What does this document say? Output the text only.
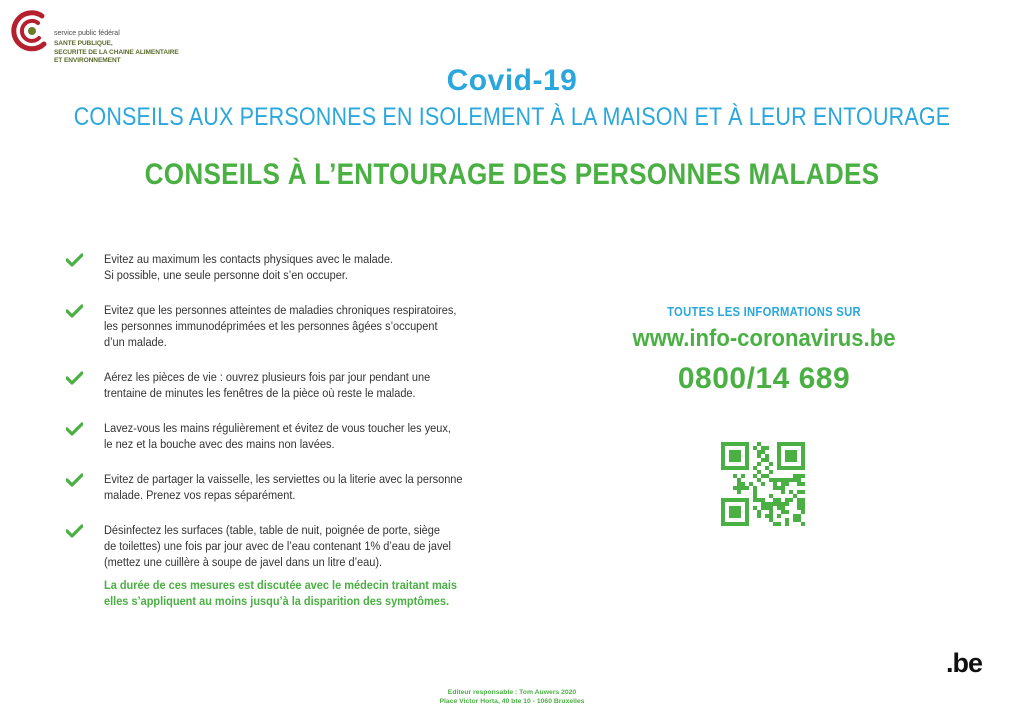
service public fédéral
SANTE PUBLIQUE,
SECURITE DE LA CHAINE ALIMENTAIRE
ET ENVIRONNEMENT
Covid-19
CONSEILS AUX PERSONNES EN ISOLEMENT À LA MAISON ET À LEUR ENTOURAGE
CONSEILS À L’ENTOURAGE DES PERSONNES MALADES
Evitez au maximum les contacts physiques avec le malade.
Si possible, une seule personne doit s’en occuper.
Evitez que les personnes atteintes de maladies chroniques respiratoires,
les personnes immunodéprimées et les personnes âgées s’occupent
d’un malade.
Aérez les pièces de vie : ouvrez plusieurs fois par jour pendant une
trentaine de minutes les fenêtres de la pièce où reste le malade.
Lavez-vous les mains régulièrement et évitez de vous toucher les yeux,
le nez et la bouche avec des mains non lavées.
Evitez de partager la vaisselle, les serviettes ou la literie avec la personne
malade. Prenez vos repas séparément.
Désinfectez les surfaces (table, table de nuit, poignée de porte, siège
de toilettes) une fois par jour avec de l’eau contenant 1% d’eau de javel
(mettez une cuillère à soupe de javel dans un litre d’eau).
La durée de ces mesures est discutée avec le médecin traitant mais
elles s’appliquent au moins jusqu’à la disparition des symptômes.
TOUTES LES INFORMATIONS SUR
www.info-coronavirus.be
0800/14 689
.be
Editeur responsable : Tom Auwers 2020
Place Victor Horta, 40 bte 10 - 1060 Bruxelles
